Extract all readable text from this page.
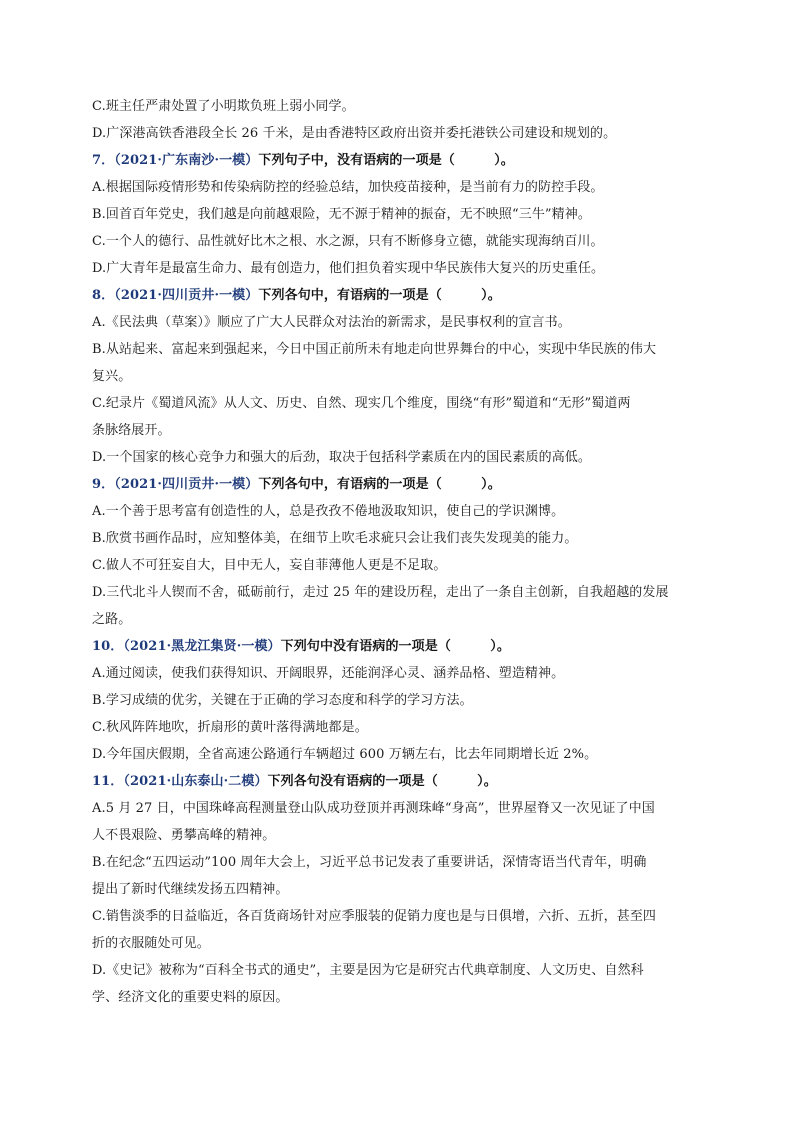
C.班主任严肃处置了小明欺负班上弱小同学。
D.广深港高铁香港段全长 26 千米，是由香港特区政府出资并委托港铁公司建设和规划的。
7．（2021·广东南沙·一模）下列句子中，没有语病的一项是（　　　）。
A.根据国际疫情形势和传染病防控的经验总结，加快疫苗接种，是当前有力的防控手段。
B.回首百年党史，我们越是向前越艰险，无不源于精神的振奋，无不映照“三牛”精神。
C.一个人的德行、品性就好比木之根、水之源，只有不断修身立德，就能实现海纳百川。
D.广大青年是最富生命力、最有创造力，他们担负着实现中华民族伟大复兴的历史重任。
8．（2021·四川贡井·一模）下列各句中，有语病的一项是（　　　）。
A.《民法典（草案）》顺应了广大人民群众对法治的新需求，是民事权利的宣言书。
B.从站起来、富起来到强起来，今日中国正前所未有地走向世界舞台的中心，实现中华民族的伟大
复兴。
C.纪录片《蜀道风流》从人文、历史、自然、现实几个维度，围绕“有形”蜀道和“无形”蜀道两
条脉络展开。
D.一个国家的核心竞争力和强大的后劲，取决于包括科学素质在内的国民素质的高低。
9．（2021·四川贡井·一模）下列各句中，有语病的一项是（　　　）。
A.一个善于思考富有创造性的人，总是孜孜不倦地汲取知识，使自己的学识渊博。
B.欣赏书画作品时，应知整体美，在细节上吹毛求疵只会让我们丧失发现美的能力。
C.做人不可狂妄自大，目中无人，妄自菲薄他人更是不足取。
D.三代北斗人锲而不舍，砥砺前行，走过 25 年的建设历程，走出了一条自主创新，自我超越的发展
之路。
10．（2021·黑龙江集贤·一模）下列句中没有语病的一项是（　　　）。
A.通过阅读，使我们获得知识、开阔眼界，还能润泽心灵、涵养品格、塑造精神。
B.学习成绩的优劣，关键在于正确的学习态度和科学的学习方法。
C.秋风阵阵地吹，折扇形的黄叶落得满地都是。
D.今年国庆假期，全省高速公路通行车辆超过 600 万辆左右，比去年同期增长近 2%。
11．（2021·山东泰山·二模）下列各句没有语病的一项是（　　　）。
A.5 月 27 日，中国珠峰高程测量登山队成功登顶并再测珠峰“身高”，世界屋脊又一次见证了中国
人不畏艰险、勇攀高峰的精神。
B.在纪念“五四运动”100 周年大会上，习近平总书记发表了重要讲话，深情寄语当代青年，明确
提出了新时代继续发扬五四精神。
C.销售淡季的日益临近，各百货商场针对应季服装的促销力度也是与日俱增，六折、五折，甚至四
折的衣服随处可见。
D.《史记》被称为“百科全书式的通史”，主要是因为它是研究古代典章制度、人文历史、自然科
学、经济文化的重要史料的原因。
